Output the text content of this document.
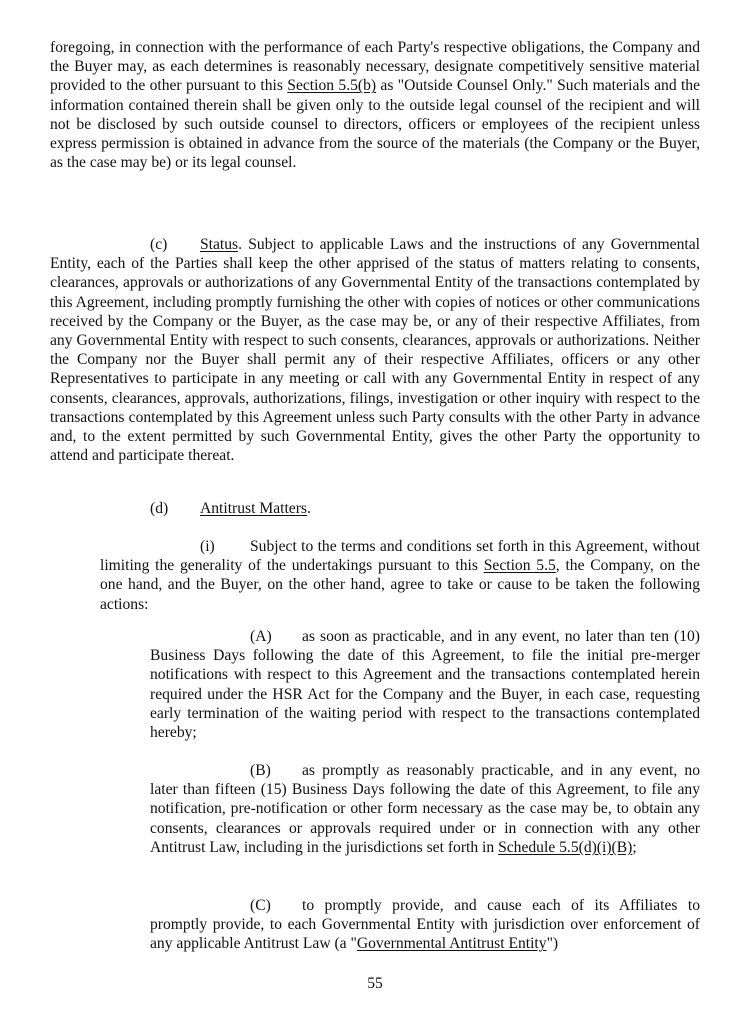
foregoing, in connection with the performance of each Party's respective obligations, the Company and the Buyer may, as each determines is reasonably necessary, designate competitively sensitive material provided to the other pursuant to this Section 5.5(b) as "Outside Counsel Only." Such materials and the information contained therein shall be given only to the outside legal counsel of the recipient and will not be disclosed by such outside counsel to directors, officers or employees of the recipient unless express permission is obtained in advance from the source of the materials (the Company or the Buyer, as the case may be) or its legal counsel.

(c) Status. Subject to applicable Laws and the instructions of any Governmental Entity, each of the Parties shall keep the other apprised of the status of matters relating to consents, clearances, approvals or authorizations of any Governmental Entity of the transactions contemplated by this Agreement, including promptly furnishing the other with copies of notices or other communications received by the Company or the Buyer, as the case may be, or any of their respective Affiliates, from any Governmental Entity with respect to such consents, clearances, approvals or authorizations. Neither the Company nor the Buyer shall permit any of their respective Affiliates, officers or any other Representatives to participate in any meeting or call with any Governmental Entity in respect of any consents, clearances, approvals, authorizations, filings, investigation or other inquiry with respect to the transactions contemplated by this Agreement unless such Party consults with the other Party in advance and, to the extent permitted by such Governmental Entity, gives the other Party the opportunity to attend and participate thereat.

(d) Antitrust Matters.

(i) Subject to the terms and conditions set forth in this Agreement, without limiting the generality of the undertakings pursuant to this Section 5.5, the Company, on the one hand, and the Buyer, on the other hand, agree to take or cause to be taken the following actions:

(A) as soon as practicable, and in any event, no later than ten (10) Business Days following the date of this Agreement, to file the initial pre-merger notifications with respect to this Agreement and the transactions contemplated herein required under the HSR Act for the Company and the Buyer, in each case, requesting early termination of the waiting period with respect to the transactions contemplated hereby;

(B) as promptly as reasonably practicable, and in any event, no later than fifteen (15) Business Days following the date of this Agreement, to file any notification, pre-notification or other form necessary as the case may be, to obtain any consents, clearances or approvals required under or in connection with any other Antitrust Law, including in the jurisdictions set forth in Schedule 5.5(d)(i)(B);

(C) to promptly provide, and cause each of its Affiliates to promptly provide, to each Governmental Entity with jurisdiction over enforcement of any applicable Antitrust Law (a "Governmental Antitrust Entity")

55
